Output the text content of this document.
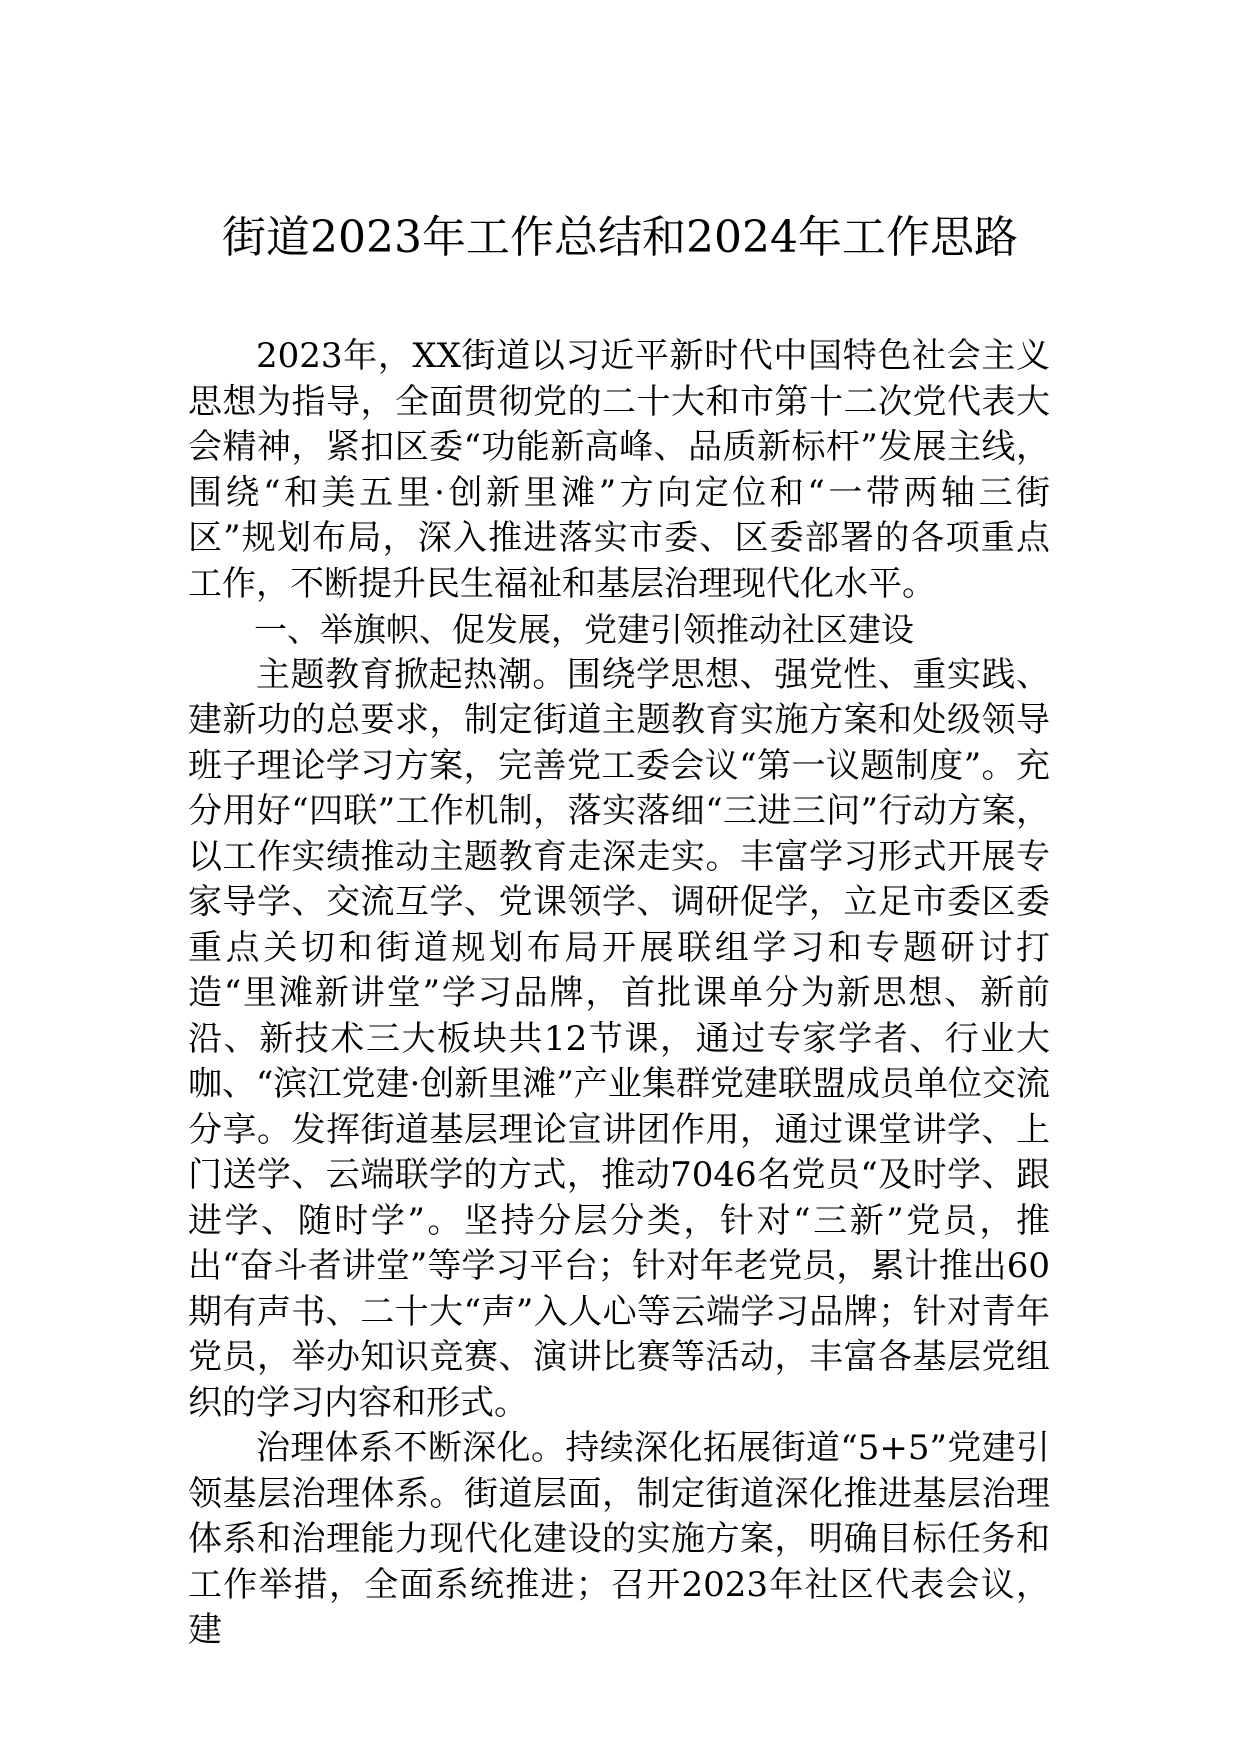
街道2023年工作总结和2024年工作思路

2023年，XX街道以习近平新时代中国特色社会主义思想为指导，全面贯彻党的二十大和市第十二次党代表大会精神，紧扣区委“功能新高峰、品质新标杆”发展主线，围绕“和美五里·创新里滩”方向定位和“一带两轴三街区”规划布局，深入推进落实市委、区委部署的各项重点工作，不断提升民生福祉和基层治理现代化水平。

一、举旗帜、促发展，党建引领推动社区建设

主题教育掀起热潮。围绕学思想、强党性、重实践、建新功的总要求，制定街道主题教育实施方案和处级领导班子理论学习方案，完善党工委会议“第一议题制度”。充分用好“四联”工作机制，落实落细“三进三问”行动方案，以工作实绩推动主题教育走深走实。丰富学习形式开展专家导学、交流互学、党课领学、调研促学，立足市委区委重点关切和街道规划布局开展联组学习和专题研讨打造“里滩新讲堂”学习品牌，首批课单分为新思想、新前沿、新技术三大板块共12节课，通过专家学者、行业大咖、“滨江党建·创新里滩”产业集群党建联盟成员单位交流分享。发挥街道基层理论宣讲团作用，通过课堂讲学、上门送学、云端联学的方式，推动7046名党员“及时学、跟进学、随时学”。坚持分层分类，针对“三新”党员，推出“奋斗者讲堂”等学习平台；针对年老党员，累计推出60期有声书、二十大“声”入人心等云端学习品牌；针对青年党员，举办知识竞赛、演讲比赛等活动，丰富各基层党组织的学习内容和形式。

治理体系不断深化。持续深化拓展街道“5+5”党建引领基层治理体系。街道层面，制定街道深化推进基层治理体系和治理能力现代化建设的实施方案，明确目标任务和工作举措，全面系统推进；召开2023年社区代表会议，建
